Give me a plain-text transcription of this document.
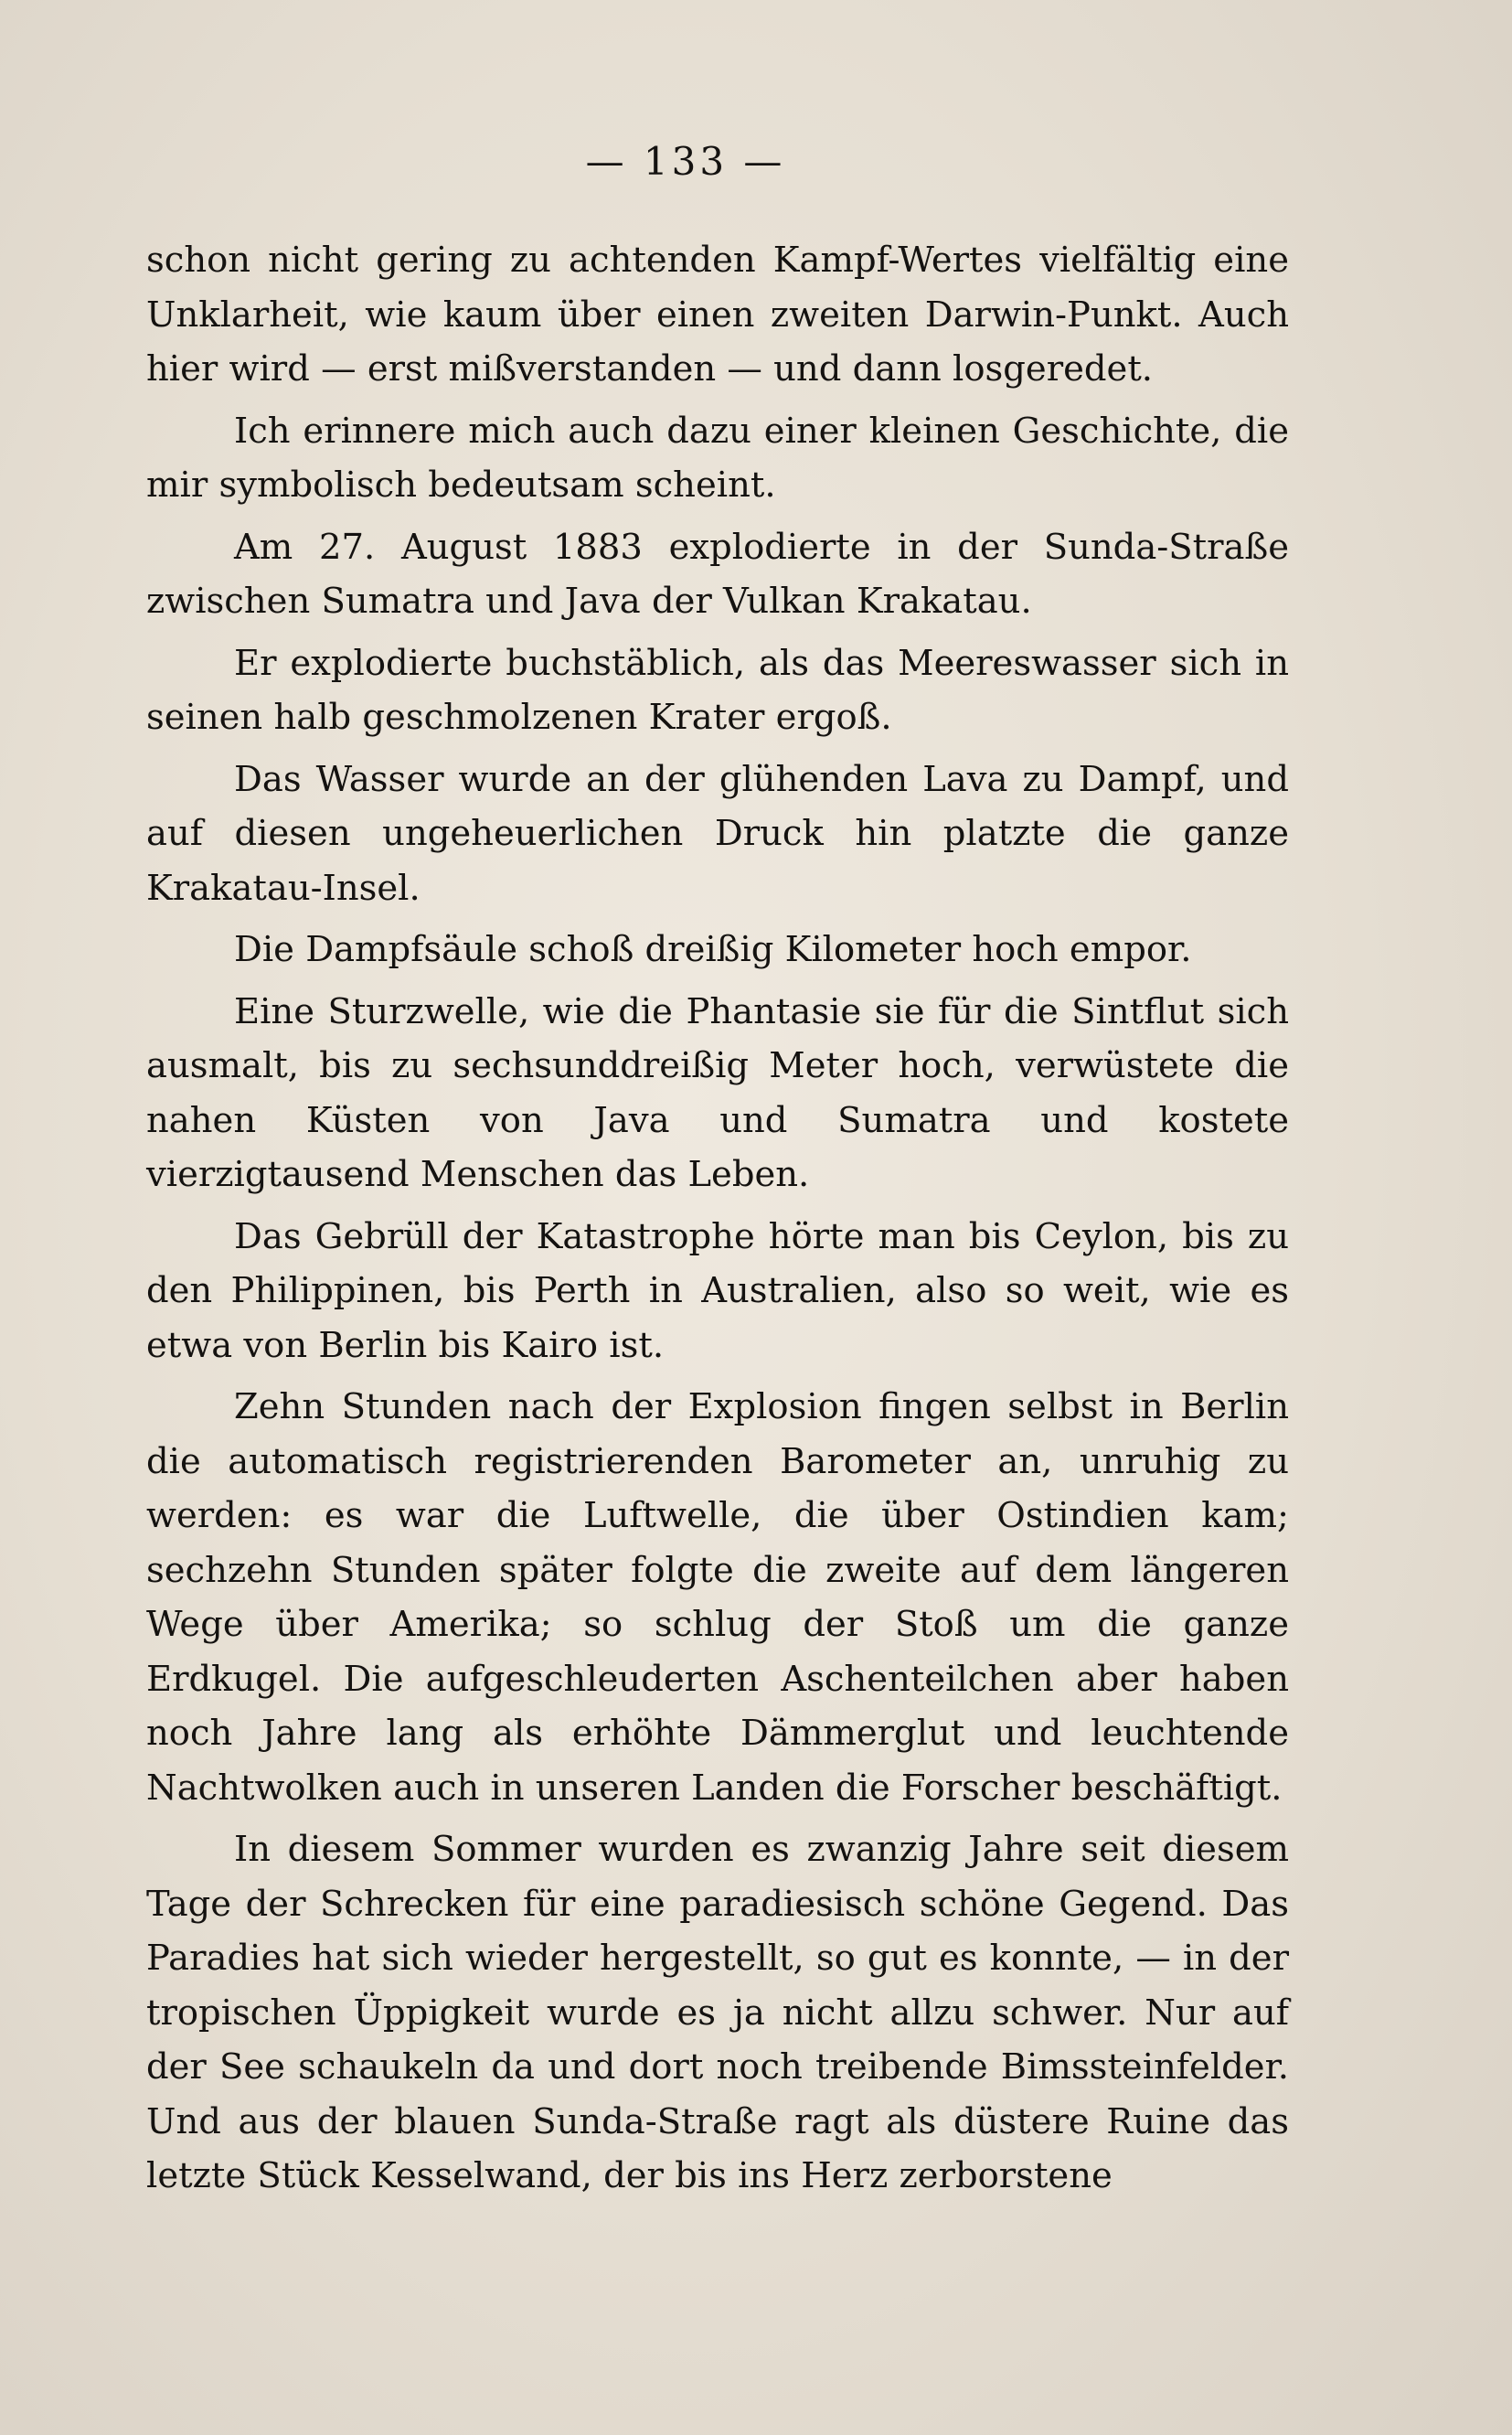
— 133 —

schon nicht gering zu achtenden Kampf-Wertes vielfältig eine Unklarheit, wie kaum über einen zweiten Darwin-Punkt. Auch hier wird — erst mißverstanden — und dann losgeredet.

Ich erinnere mich auch dazu einer kleinen Geschichte, die mir symbolisch bedeutsam scheint.

Am 27. August 1883 explodierte in der Sunda-Straße zwischen Sumatra und Java der Vulkan Krakatau.

Er explodierte buchstäblich, als das Meereswasser sich in seinen halb geschmolzenen Krater ergoß.

Das Wasser wurde an der glühenden Lava zu Dampf, und auf diesen ungeheuerlichen Druck hin platzte die ganze Krakatau-Insel.

Die Dampfsäule schoß dreißig Kilometer hoch empor.

Eine Sturzwelle, wie die Phantasie sie für die Sintflut sich ausmalt, bis zu sechsunddreißig Meter hoch, verwüstete die nahen Küsten von Java und Sumatra und kostete vierzigtausend Menschen das Leben.

Das Gebrüll der Katastrophe hörte man bis Ceylon, bis zu den Philippinen, bis Perth in Australien, also so weit, wie es etwa von Berlin bis Kairo ist.

Zehn Stunden nach der Explosion fingen selbst in Berlin die automatisch registrierenden Barometer an, unruhig zu werden: es war die Luftwelle, die über Ostindien kam; sechzehn Stunden später folgte die zweite auf dem längeren Wege über Amerika; so schlug der Stoß um die ganze Erdkugel. Die aufgeschleuderten Aschenteilchen aber haben noch Jahre lang als erhöhte Dämmerglut und leuchtende Nachtwolken auch in unseren Landen die Forscher beschäftigt.

In diesem Sommer wurden es zwanzig Jahre seit diesem Tage der Schrecken für eine paradiesisch schöne Gegend. Das Paradies hat sich wieder hergestellt, so gut es konnte, — in der tropischen Üppigkeit wurde es ja nicht allzu schwer. Nur auf der See schaukeln da und dort noch treibende Bimssteinfelder. Und aus der blauen Sunda-Straße ragt als düstere Ruine das letzte Stück Kesselwand, der bis ins Herz zerborstene
